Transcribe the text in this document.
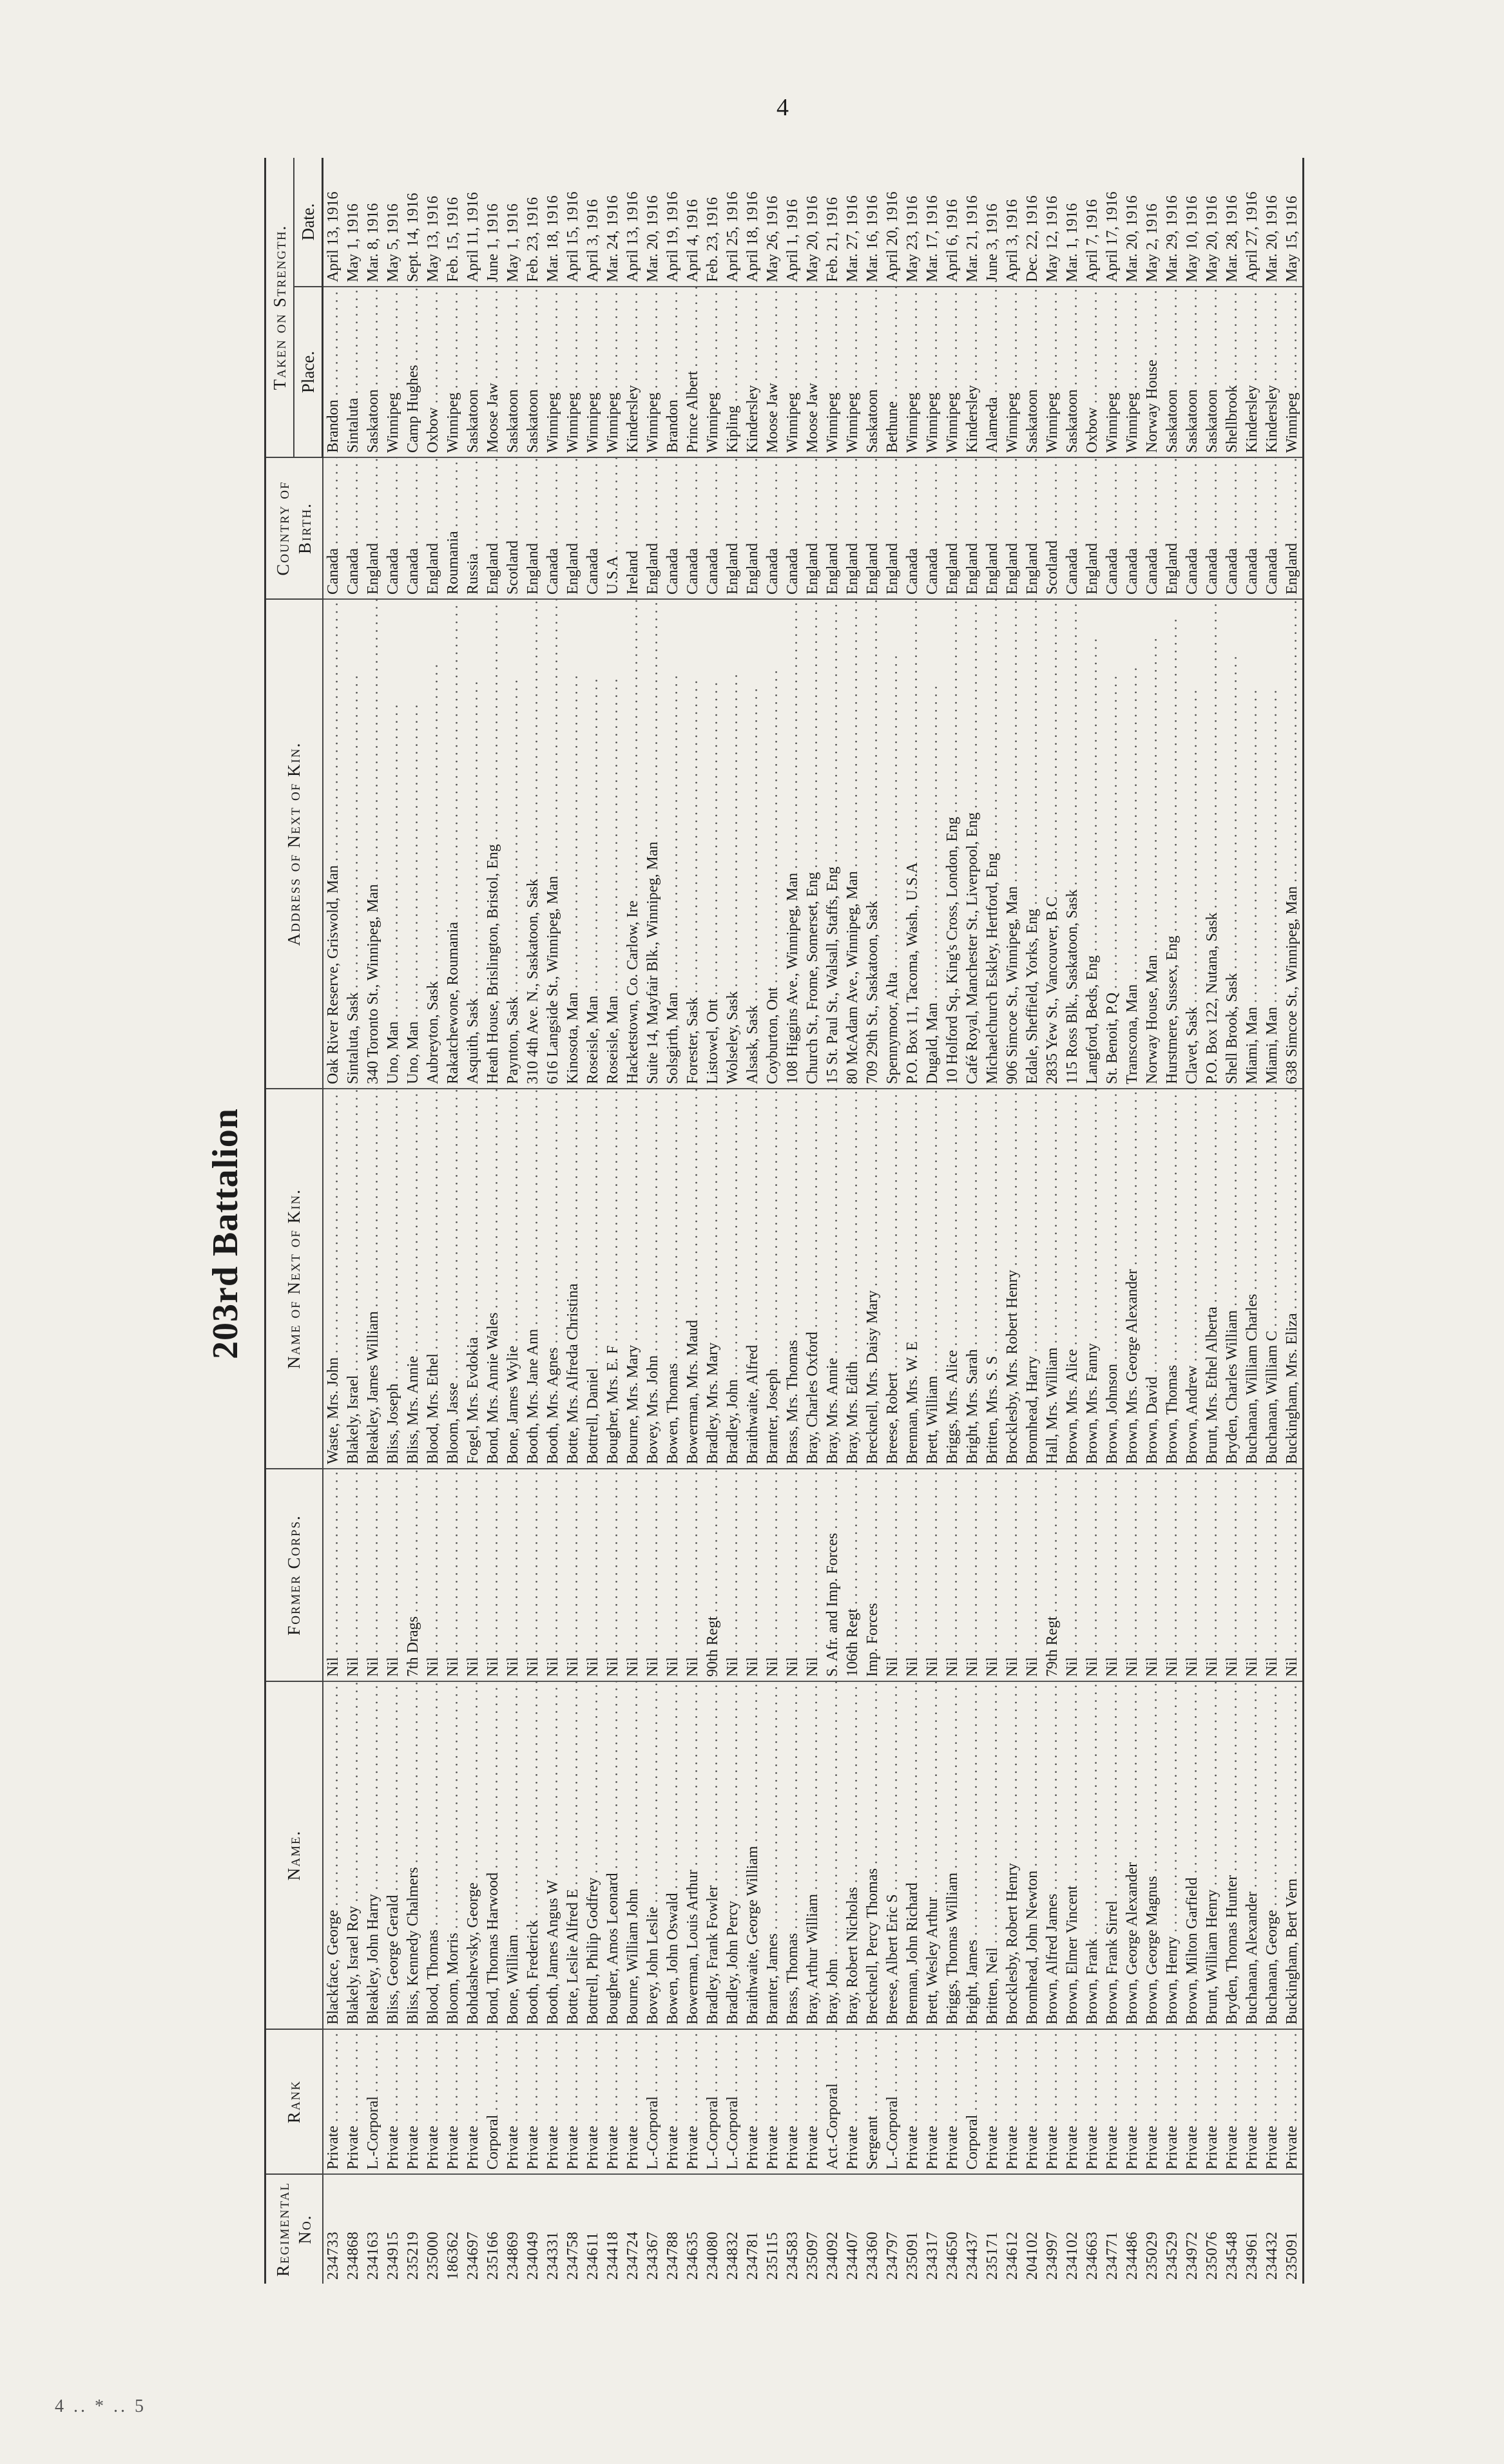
4
203rd Battalion
Regimental No.	Rank	Name.	Former Corps.	Name of Next of Kin.	Address of Next of Kin.	Country of Birth.	Taken on Strength.	
							Place.	Date.
234733	Private . . .	Blackface, George . . .	Nil . . .	Waste, Mrs. John . . .	Oak River Reserve, Griswold, Man . . .	Canada . . .	Brandon . . .	April 13, 1916
234868	Private . . .	Blakely, Israel Roy . . .	Nil . . .	Blakely, Israel . . .	Sintaluta, Sask . . .	Canada . . .	Sintaluta . . .	May 1, 1916
234163	L.-Corporal . . .	Bleakley, John Harry . . .	Nil . . .	Bleakley, James William . . .	340 Toronto St., Winnipeg, Man . . .	England . . .	Saskatoon . . .	Mar. 8, 1916
234915	Private . . .	Bliss, George Gerald . . .	Nil . . .	Bliss, Joseph . . .	Uno, Man . . .	Canada . . .	Winnipeg . . .	May 5, 1916
235219	Private . . .	Bliss, Kennedy Chalmers . . .	7th Drags . . .	Bliss, Mrs. Annie . . .	Uno, Man . . .	Canada . . .	Camp Hughes . . .	Sept. 14, 1916
235000	Private . . .	Blood, Thomas . . .	Nil . . .	Blood, Mrs. Ethel . . .	Aubreyton, Sask . . .	England . . .	Oxbow . . .	May 13, 1916
186362	Private . . .	Bloom, Morris . . .	Nil . . .	Bloom, Jasse . . .	Rakatchewone, Roumania . . .	Roumania . . .	Winnipeg . . .	Feb. 15, 1916
234697	Private . . .	Bohdashevsky, George . . .	Nil . . .	Fogel, Mrs. Evdokia . . .	Asquith, Sask . . .	Russia . . .	Saskatoon . . .	April 11, 1916
235166	Corporal . . .	Bond, Thomas Harwood . . .	Nil . . .	Bond, Mrs. Annie Wales . . .	Heath House, Brislington, Bristol, Eng . . .	England . . .	Moose Jaw . . .	June 1, 1916
234869	Private . . .	Bone, William . . .	Nil . . .	Bone, James Wylie . . .	Paynton, Sask . . .	Scotland . . .	Saskatoon . . .	May 1, 1916
234049	Private . . .	Booth, Frederick . . .	Nil . . .	Booth, Mrs. Jane Ann . . .	310 4th Ave. N., Saskatoon, Sask . . .	England . . .	Saskatoon . . .	Feb. 23, 1916
234331	Private . . .	Booth, James Angus W . . .	Nil . . .	Booth, Mrs. Agnes . . .	616 Langside St., Winnipeg, Man . . .	Canada . . .	Winnipeg . . .	Mar. 18, 1916
234758	Private . . .	Botte, Leslie Alfred E . . .	Nil . . .	Botte, Mrs. Alfreda Christina . . .	Kinosota, Man . . .	England . . .	Winnipeg . . .	April 15, 1916
234611	Private . . .	Bottrell, Philip Godfrey . . .	Nil . . .	Bottrell, Daniel . . .	Roseisle, Man . . .	Canada . . .	Winnipeg . . .	April 3, 1916
234418	Private . . .	Bougher, Amos Leonard . . .	Nil . . .	Bougher, Mrs. E. F . . .	Roseisle, Man . . .	U.S.A . . .	Winnipeg . . .	Mar. 24, 1916
234724	Private . . .	Bourne, William John . . .	Nil . . .	Bourne, Mrs. Mary . . .	Hacketstown, Co. Carlow, Ire . . .	Ireland . . .	Kindersley . . .	April 13, 1916
234367	L.-Corporal . . .	Bovey, John Leslie . . .	Nil . . .	Bovey, Mrs. John . . .	Suite 14, Mayfair Blk., Winnipeg, Man . . .	England . . .	Winnipeg . . .	Mar. 20, 1916
234788	Private . . .	Bowen, John Oswald . . .	Nil . . .	Bowen, Thomas . . .	Solsgirth, Man . . .	Canada . . .	Brandon . . .	April 19, 1916
234635	Private . . .	Bowerman, Louis Arthur . . .	Nil . . .	Bowerman, Mrs. Maud . . .	Forester, Sask . . .	Canada . . .	Prince Albert . . .	April 4, 1916
234080	L.-Corporal . . .	Bradley, Frank Fowler . . .	90th Regt . . .	Bradley, Mrs. Mary . . .	Listowel, Ont . . .	Canada . . .	Winnipeg . . .	Feb. 23, 1916
234832	L.-Corporal . . .	Bradley, John Percy . . .	Nil . . .	Bradley, John . . .	Wolseley, Sask . . .	England . . .	Kipling . . .	April 25, 1916
234781	Private . . .	Braithwaite, George William . . .	Nil . . .	Braithwaite, Alfred . . .	Alsask, Sask . . .	England . . .	Kindersley . . .	April 18, 1916
235115	Private . . .	Branter, James . . .	Nil . . .	Branter, Joseph . . .	Coyburton, Ont . . .	Canada . . .	Moose Jaw . . .	May 26, 1916
234583	Private . . .	Brass, Thomas . . .	Nil . . .	Brass, Mrs. Thomas . . .	108 Higgins Ave., Winnipeg, Man . . .	Canada . . .	Winnipeg . . .	April 1, 1916
235097	Private . . .	Bray, Arthur William . . .	Nil . . .	Bray, Charles Oxford . . .	Church St., Frome, Somerset, Eng . . .	England . . .	Moose Jaw . . .	May 20, 1916
234092	Act.-Corporal . . .	Bray, John . . .	S. Afr. and Imp. Forces . . .	Bray, Mrs. Annie . . .	15 St. Paul St., Walsall, Staffs, Eng . . .	England . . .	Winnipeg . . .	Feb. 21, 1916
234407	Private . . .	Bray, Robert Nicholas . . .	106th Regt . . .	Bray, Mrs. Edith . . .	80 McAdam Ave., Winnipeg, Man . . .	England . . .	Winnipeg . . .	Mar. 27, 1916
234360	Sergeant . . .	Brecknell, Percy Thomas . . .	Imp. Forces . . .	Brecknell, Mrs. Daisy Mary . . .	709 29th St., Saskatoon, Sask . . .	England . . .	Saskatoon . . .	Mar. 16, 1916
234797	L.-Corporal . . .	Breese, Albert Eric S . . .	Nil . . .	Breese, Robert . . .	Spennymoor, Alta . . .	England . . .	Bethune . . .	April 20, 1916
235091	Private . . .	Brennan, John Richard . . .	Nil . . .	Brennan, Mrs. W. E . . .	P.O. Box 11, Tacoma, Wash., U.S.A . . .	Canada . . .	Winnipeg . . .	May 23, 1916
234317	Private . . .	Brett, Wesley Arthur . . .	Nil . . .	Brett, William . . .	Dugald, Man . . .	Canada . . .	Winnipeg . . .	Mar. 17, 1916
234650	Private . . .	Briggs, Thomas William . . .	Nil . . .	Briggs, Mrs. Alice . . .	10 Holford Sq., King's Cross, London, Eng . . .	England . . .	Winnipeg . . .	April 6, 1916
234437	Corporal . . .	Bright, James . . .	Nil . . .	Bright, Mrs. Sarah . . .	Café Royal, Manchester St., Liverpool, Eng . . .	England . . .	Kindersley . . .	Mar. 21, 1916
235171	Private . . .	Britten, Neil . . .	Nil . . .	Britten, Mrs. S. S . . .	Michaelchurch Eskley, Hertford, Eng . . .	England . . .	Alameda . . .	June 3, 1916
234612	Private . . .	Brocklesby, Robert Henry . . .	Nil . . .	Brocklesby, Mrs. Robert Henry . . .	906 Simcoe St., Winnipeg, Man . . .	England . . .	Winnipeg . . .	April 3, 1916
204102	Private . . .	Bromhead, John Newton . . .	Nil . . .	Bromhead, Harry . . .	Edale, Sheffield, Yorks, Eng . . .	England . . .	Saskatoon . . .	Dec. 22, 1916
234997	Private . . .	Brown, Alfred James . . .	79th Regt . . .	Hall, Mrs. William . . .	2835 Yew St., Vancouver, B.C . . .	Scotland . . .	Winnipeg . . .	May 12, 1916
234102	Private . . .	Brown, Elmer Vincent . . .	Nil . . .	Brown, Mrs. Alice . . .	115 Ross Blk., Saskatoon, Sask . . .	Canada . . .	Saskatoon . . .	Mar. 1, 1916
234663	Private . . .	Brown, Frank . . .	Nil . . .	Brown, Mrs. Fanny . . .	Langford, Beds, Eng . . .	England . . .	Oxbow . . .	April 7, 1916
234771	Private . . .	Brown, Frank Sirrel . . .	Nil . . .	Brown, Johnson . . .	St. Benoit, P.Q . . .	Canada . . .	Winnipeg . . .	April 17, 1916
234486	Private . . .	Brown, George Alexander . . .	Nil . . .	Brown, Mrs. George Alexander . . .	Transcona, Man . . .	Canada . . .	Winnipeg . . .	Mar. 20, 1916
235029	Private . . .	Brown, George Magnus . . .	Nil . . .	Brown, David . . .	Norway House, Man . . .	Canada . . .	Norway House . . .	May 2, 1916
234529	Private . . .	Brown, Henry . . .	Nil . . .	Brown, Thomas . . .	Hurstmere, Sussex, Eng . . .	England . . .	Saskatoon . . .	Mar. 29, 1916
234972	Private . . .	Brown, Milton Garfield . . .	Nil . . .	Brown, Andrew . . .	Clavet, Sask . . .	Canada . . .	Saskatoon . . .	May 10, 1916
235076	Private . . .	Brunt, William Henry . . .	Nil . . .	Brunt, Mrs. Ethel Alberta . . .	P.O. Box 122, Nutana, Sask . . .	Canada . . .	Saskatoon . . .	May 20, 1916
234548	Private . . .	Bryden, Thomas Hunter . . .	Nil . . .	Bryden, Charles William . . .	Shell Brook, Sask . . .	Canada . . .	Shellbrook . . .	Mar. 28, 1916
234961	Private . . .	Buchanan, Alexander . . .	Nil . . .	Buchanan, William Charles . . .	Miami, Man . . .	Canada . . .	Kindersley . . .	April 27, 1916
234432	Private . . .	Buchanan, George . . .	Nil . . .	Buchanan, William C . . .	Miami, Man . . .	Canada . . .	Kindersley . . .	Mar. 20, 1916
235091	Private . . .	Buckingham, Bert Vern . . .	Nil . . .	Buckingham, Mrs. Eliza . . .	638 Simcoe St., Winnipeg, Man . . .	England . . .	Winnipeg . . .	May 15, 1916
4 .. * .. 5
